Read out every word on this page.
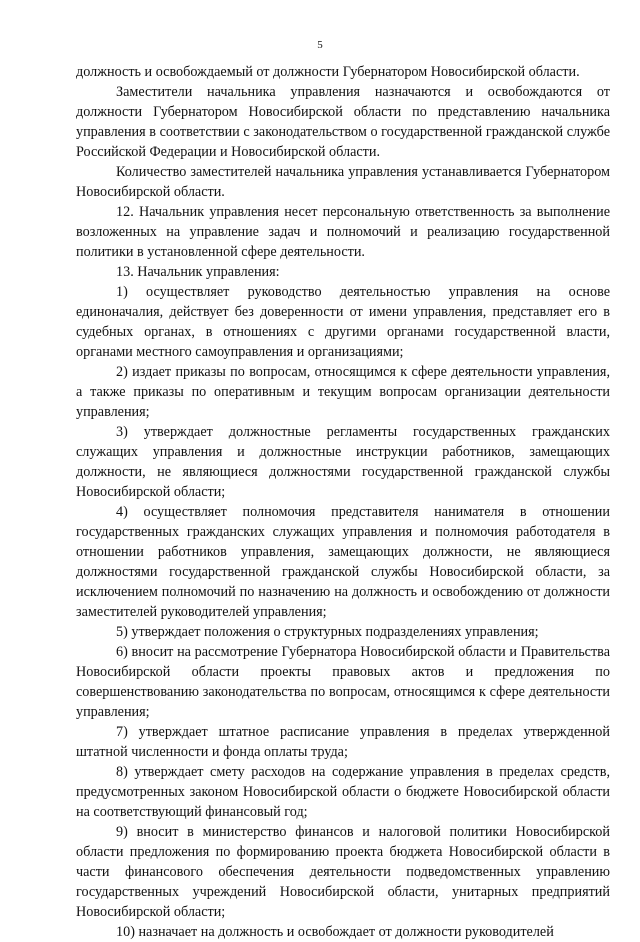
5

должность и освобождаемый от должности Губернатором Новосибирской области.

Заместители начальника управления назначаются и освобождаются от должности Губернатором Новосибирской области по представлению начальника управления в соответствии с законодательством о государственной гражданской службе Российской Федерации и Новосибирской области.

Количество заместителей начальника управления устанавливается Губернатором Новосибирской области.

12. Начальник управления несет персональную ответственность за выполнение возложенных на управление задач и полномочий и реализацию государственной политики в установленной сфере деятельности.

13. Начальник управления:

1) осуществляет руководство деятельностью управления на основе единоначалия, действует без доверенности от имени управления, представляет его в судебных органах, в отношениях с другими органами государственной власти, органами местного самоуправления и организациями;

2) издает приказы по вопросам, относящимся к сфере деятельности управления, а также приказы по оперативным и текущим вопросам организации деятельности управления;

3) утверждает должностные регламенты государственных гражданских служащих управления и должностные инструкции работников, замещающих должности, не являющиеся должностями государственной гражданской службы Новосибирской области;

4) осуществляет полномочия представителя нанимателя в отношении государственных гражданских служащих управления и полномочия работодателя в отношении работников управления, замещающих должности, не являющиеся должностями государственной гражданской службы Новосибирской области, за исключением полномочий по назначению на должность и освобождению от должности заместителей руководителей управления;

5) утверждает положения о структурных подразделениях управления;

6) вносит на рассмотрение Губернатора Новосибирской области и Правительства Новосибирской области проекты правовых актов и предложения по совершенствованию законодательства по вопросам, относящимся к сфере деятельности управления;

7) утверждает штатное расписание управления в пределах утвержденной штатной численности и фонда оплаты труда;

8) утверждает смету расходов на содержание управления в пределах средств, предусмотренных законом Новосибирской области о бюджете Новосибирской области на соответствующий финансовый год;

9) вносит в министерство финансов и налоговой политики Новосибирской области предложения по формированию проекта бюджета Новосибирской области в части финансового обеспечения деятельности подведомственных управлению государственных учреждений Новосибирской области, унитарных предприятий Новосибирской области;

10) назначает на должность и освобождает от должности руководителей
